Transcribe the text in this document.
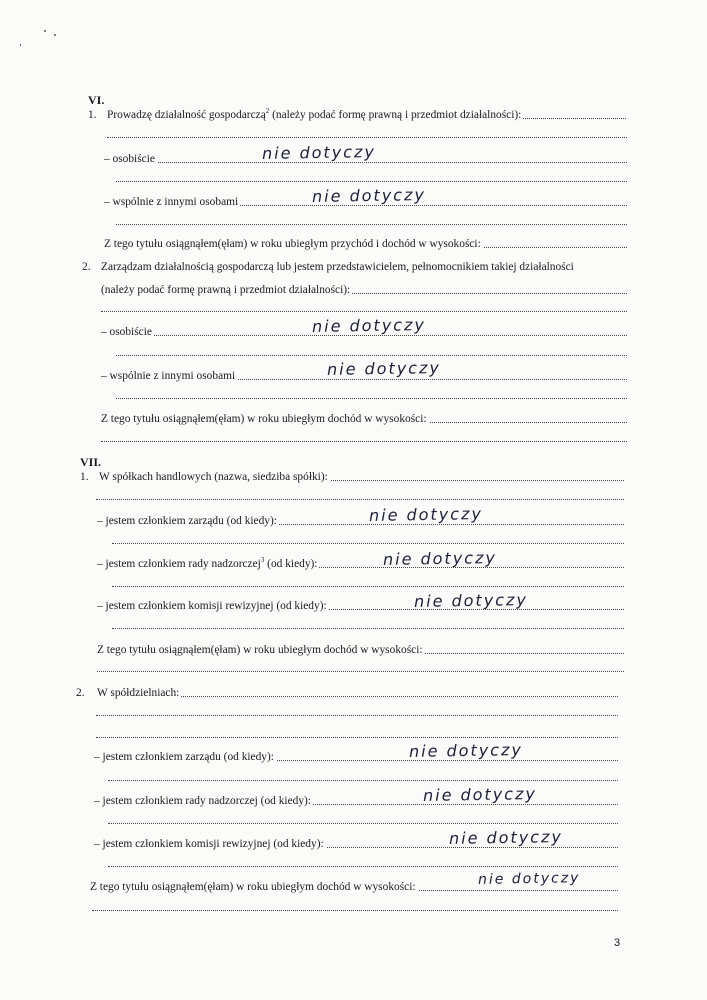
VI.
1. Prowadzę działalność gospodarczą$^2$ (należy podać formę prawną i przedmiot działalności):
– osobiście	nie dotyczy
– wspólnie z innymi osobami	nie dotyczy
Z tego tytułu osiągnąłem(ęłam) w roku ubiegłym przychód i dochód w wysokości:
2. Zarządzam działalnością gospodarczą lub jestem przedstawicielem, pełnomocnikiem takiej działalności
(należy podać formę prawną i przedmiot działalności):
– osobiście	nie dotyczy
– wspólnie z innymi osobami	nie dotyczy
Z tego tytułu osiągnąłem(ęłam) w roku ubiegłym dochód w wysokości:
VII.
1. W spółkach handlowych (nazwa, siedziba spółki):
– jestem członkiem zarządu (od kiedy):	nie dotyczy
– jestem członkiem rady nadzorczej$^3$ (od kiedy):	nie dotyczy
– jestem członkiem komisji rewizyjnej (od kiedy):	nie dotyczy
Z tego tytułu osiągnąłem(ęłam) w roku ubiegłym dochód w wysokości:
2. W spółdzielniach:
– jestem członkiem zarządu (od kiedy):	nie dotyczy
– jestem członkiem rady nadzorczej (od kiedy):	nie dotyczy
– jestem członkiem komisji rewizyjnej (od kiedy):	nie dotyczy
Z tego tytułu osiągnąłem(ęłam) w roku ubiegłym dochód w wysokości:	nie dotyczy
3
